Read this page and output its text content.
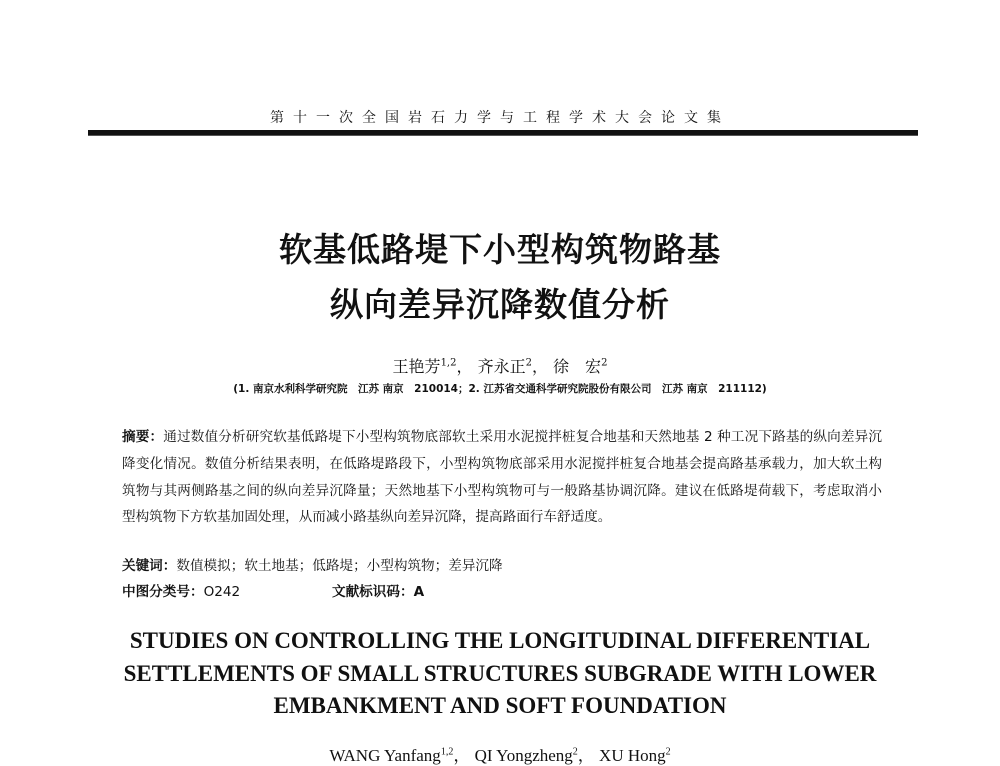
第十一次全国岩石力学与工程学术大会论文集
软基低路堤下小型构筑物路基
纵向差异沉降数值分析
王艳芳$^{1,2}$， 齐永正$^2$， 徐　宏$^2$
(1. 南京水利科学研究院　江苏 南京　210014；2. 江苏省交通科学研究院股份有限公司　江苏 南京　211112)
摘要：通过数值分析研究软基低路堤下小型构筑物底部软土采用水泥搅拌桩复合地基和天然地基 2 种工况下路基的纵向差异沉降变化情况。数值分析结果表明，在低路堤路段下，小型构筑物底部采用水泥搅拌桩复合地基会提高路基承载力，加大软土构筑物与其两侧路基之间的纵向差异沉降量；天然地基下小型构筑物可与一般路基协调沉降。建议在低路堤荷载下，考虑取消小型构筑物下方软基加固处理，从而减小路基纵向差异沉降，提高路面行车舒适度。
关键词：数值模拟；软土地基；低路堤；小型构筑物；差异沉降
中图分类号：O242	文献标识码：A
STUDIES ON CONTROLLING THE LONGITUDINAL DIFFERENTIAL
SETTLEMENTS OF SMALL STRUCTURES SUBGRADE WITH LOWER
EMBANKMENT AND SOFT FOUNDATION
WANG Yanfang$^{1,2}$， QI Yongzheng$^2$， XU Hong$^2$
